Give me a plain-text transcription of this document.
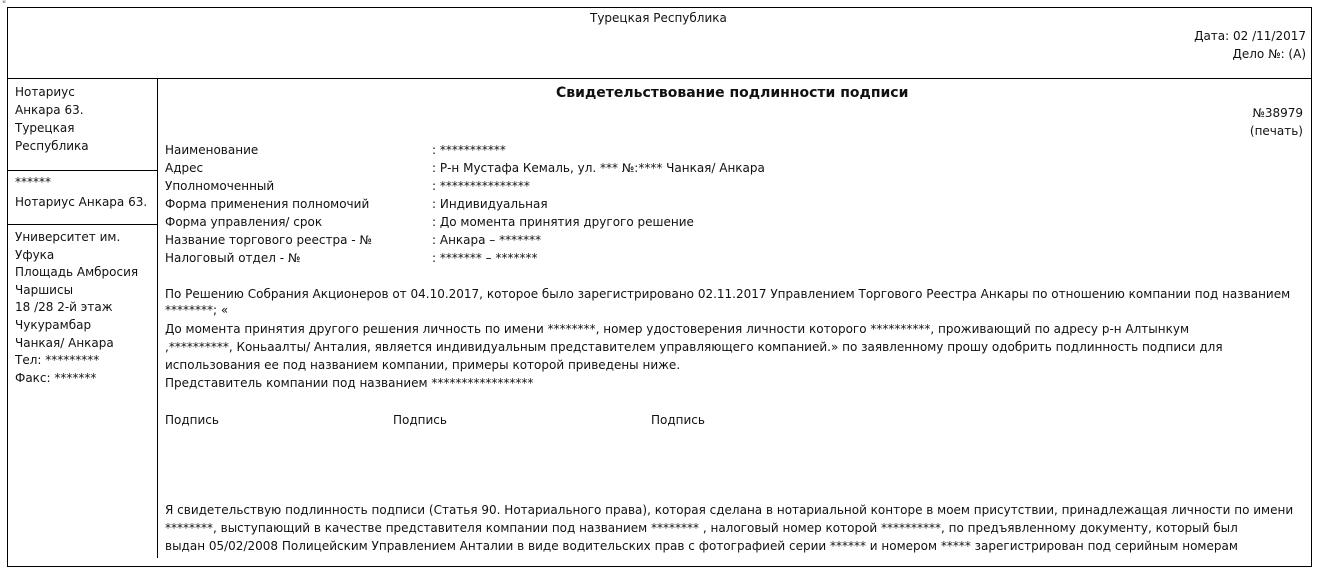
"
Турецкая Республика
Дата: 02 /11/2017
Дело №: (А)
Нотариус
Анкара 63.
Турецкая
Республика
******
Нотариус Анкара 63.
Университет им.
Уфука
Площадь Амбросия
Чаршисы
18 /28 2-й этаж
Чукурамбар
Чанкая/ Анкара
Тел: *********
Факс: *******
Свидетельствование подлинности подписи
№38979
(печать)
Наименование	: ***********
Адрес	: Р-н Мустафа Кемаль, ул. *** №:**** Чанкая/ Анкара
Уполномоченный	: ***************
Форма применения полномочий	: Индивидуальная
Форма управления/ срок	: До момента принятия другого решение
Название торгового реестра - №	: Анкара – *******
Налоговый отдел - №	: ******* – *******
По Решению Собрания Акционеров от 04.10.2017, которое было зарегистрировано 02.11.2017 Управлением Торгового Реестра Анкары по отношению компании под названием
********; «
До момента принятия другого решения личность по имени ********, номер удостоверения личности которого **********, проживающий по адресу р-н Алтынкум
,**********, Коньаалты/ Анталия, является индивидуальным представителем управляющего компанией.» по заявленному прошу одобрить подлинность подписи для
использования ее под названием компании, примеры которой приведены ниже.
Представитель компании под названием *****************
Подпись	Подпись	Подпись
Я свидетельствую подлинность подписи (Статья 90. Нотариального права), которая сделана в нотариальной конторе в моем присутствии, принадлежащая личности по имени
********, выступающий в качестве представителя компании под названием ******** , налоговый номер которой **********, по предъявленному документу, который был
выдан 05/02/2008 Полицейским Управлением Анталии в виде водительских прав с фотографией серии ****** и номером ***** зарегистрирован под серийным номерам
